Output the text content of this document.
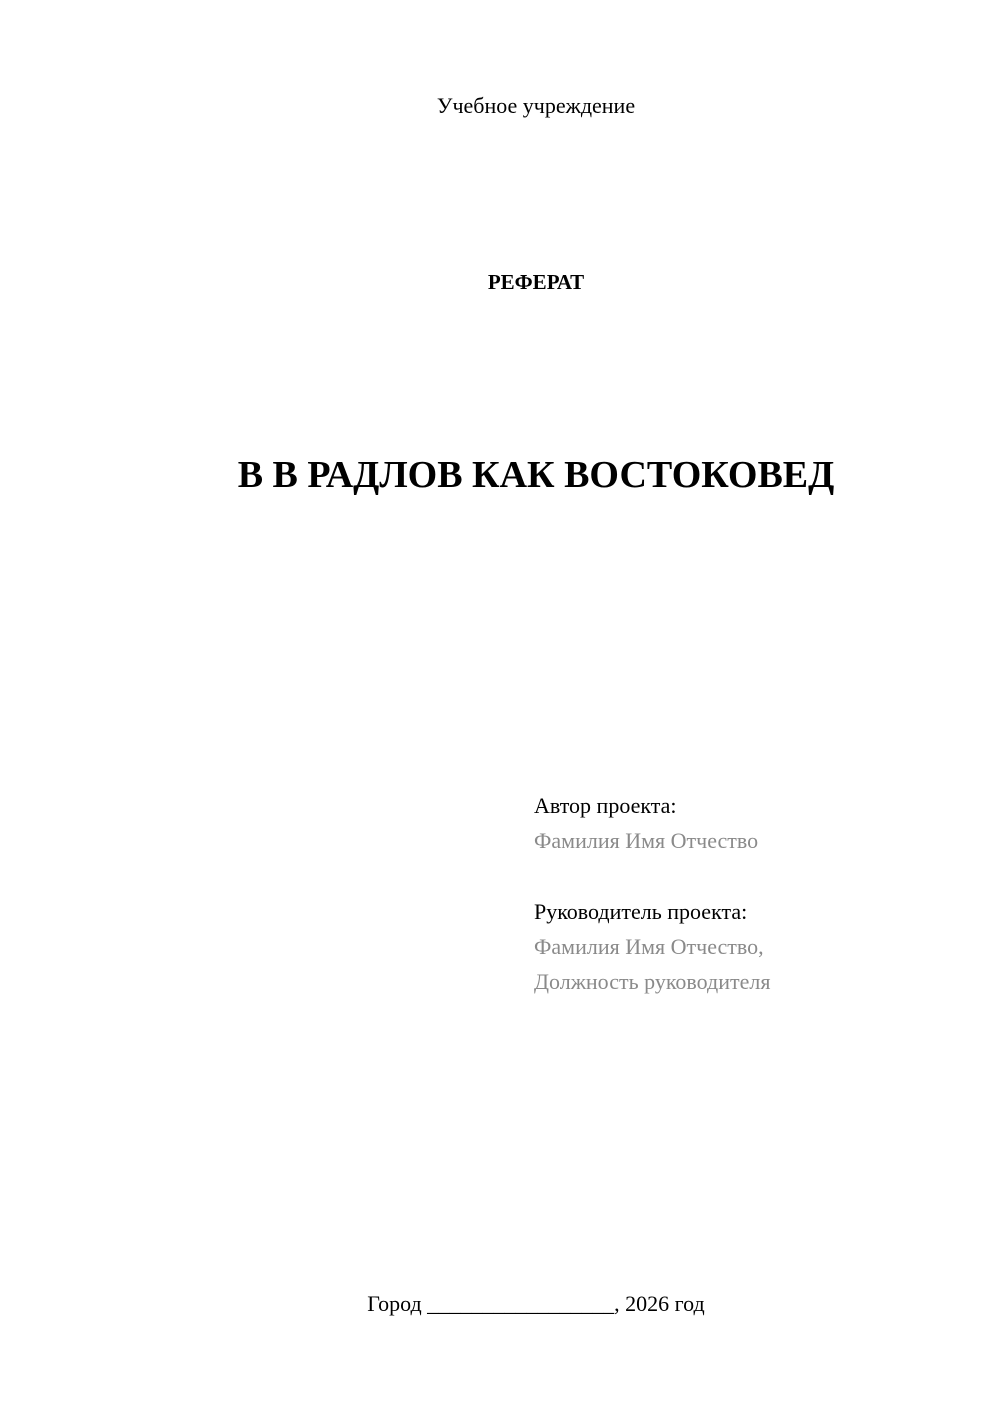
Учебное учреждение
РЕФЕРАТ
В В РАДЛОВ КАК ВОСТОКОВЕД
Автор проекта:
Фамилия Имя Отчество
Руководитель проекта:
Фамилия Имя Отчество,
Должность руководителя
Город _________________, 2026 год
